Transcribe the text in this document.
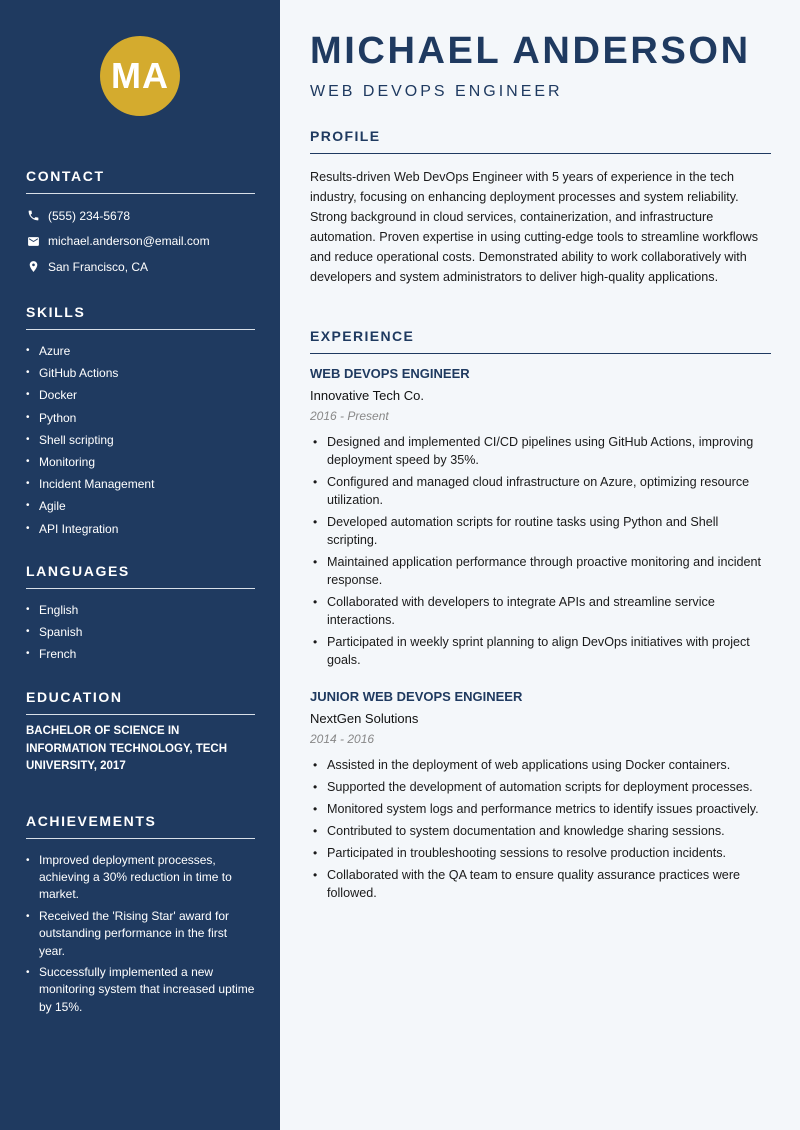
MA
CONTACT
(555) 234-5678
michael.anderson@email.com
San Francisco, CA
SKILLS
• Azure
• GitHub Actions
• Docker
• Python
• Shell scripting
• Monitoring
• Incident Management
• Agile
• API Integration
LANGUAGES
• English
• Spanish
• French
EDUCATION
BACHELOR OF SCIENCE IN INFORMATION TECHNOLOGY, TECH UNIVERSITY, 2017
ACHIEVEMENTS
• Improved deployment processes, achieving a 30% reduction in time to market.
• Received the 'Rising Star' award for outstanding performance in the first year.
• Successfully implemented a new monitoring system that increased uptime by 15%.
MICHAEL ANDERSON
WEB DEVOPS ENGINEER
PROFILE
Results-driven Web DevOps Engineer with 5 years of experience in the tech industry, focusing on enhancing deployment processes and system reliability. Strong background in cloud services, containerization, and infrastructure automation. Proven expertise in using cutting-edge tools to streamline workflows and reduce operational costs. Demonstrated ability to work collaboratively with developers and system administrators to deliver high-quality applications.
EXPERIENCE
WEB DEVOPS ENGINEER
Innovative Tech Co.
2016 - Present
• Designed and implemented CI/CD pipelines using GitHub Actions, improving deployment speed by 35%.
• Configured and managed cloud infrastructure on Azure, optimizing resource utilization.
• Developed automation scripts for routine tasks using Python and Shell scripting.
• Maintained application performance through proactive monitoring and incident response.
• Collaborated with developers to integrate APIs and streamline service interactions.
• Participated in weekly sprint planning to align DevOps initiatives with project goals.
JUNIOR WEB DEVOPS ENGINEER
NextGen Solutions
2014 - 2016
• Assisted in the deployment of web applications using Docker containers.
• Supported the development of automation scripts for deployment processes.
• Monitored system logs and performance metrics to identify issues proactively.
• Contributed to system documentation and knowledge sharing sessions.
• Participated in troubleshooting sessions to resolve production incidents.
• Collaborated with the QA team to ensure quality assurance practices were followed.
